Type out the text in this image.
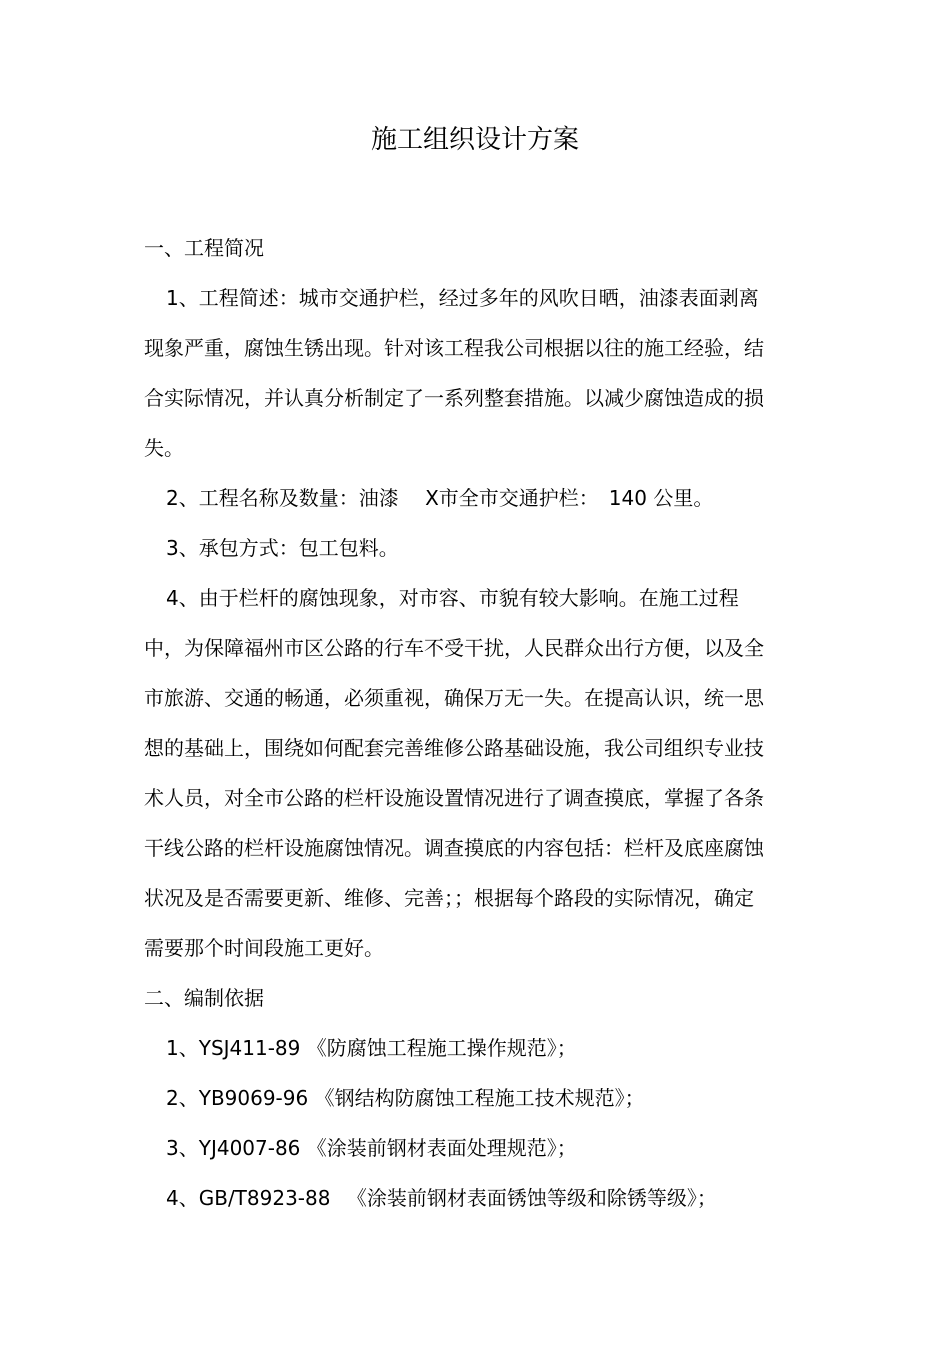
施工组织设计方案

一、工程简况

1、工程简述：城市交通护栏，经过多年的风吹日晒，油漆表面剥离现象严重，腐蚀生锈出现。针对该工程我公司根据以往的施工经验，结合实际情况，并认真分析制定了一系列整套措施。以减少腐蚀造成的损失。

2、工程名称及数量：油漆 　X市全市交通护栏：　140 公里。

3、承包方式：包工包料。

4、由于栏杆的腐蚀现象，对市容、市貌有较大影响。在施工过程中，为保障福州市区公路的行车不受干扰，人民群众出行方便，以及全市旅游、交通的畅通，必须重视，确保万无一失。在提高认识，统一思想的基础上，围绕如何配套完善维修公路基础设施，我公司组织专业技术人员，对全市公路的栏杆设施设置情况进行了调查摸底，掌握了各条干线公路的栏杆设施腐蚀情况。调查摸底的内容包括：栏杆及底座腐蚀状况及是否需要更新、维修、完善；；根据每个路段的实际情况，确定需要那个时间段施工更好。

二、编制依据

1、YSJ411-89 《防腐蚀工程施工操作规范》；

2、YB9069-96 《钢结构防腐蚀工程施工技术规范》；

3、YJ4007-86 《涂装前钢材表面处理规范》；

4、GB/T8923-88 　《涂装前钢材表面锈蚀等级和除锈等级》；
